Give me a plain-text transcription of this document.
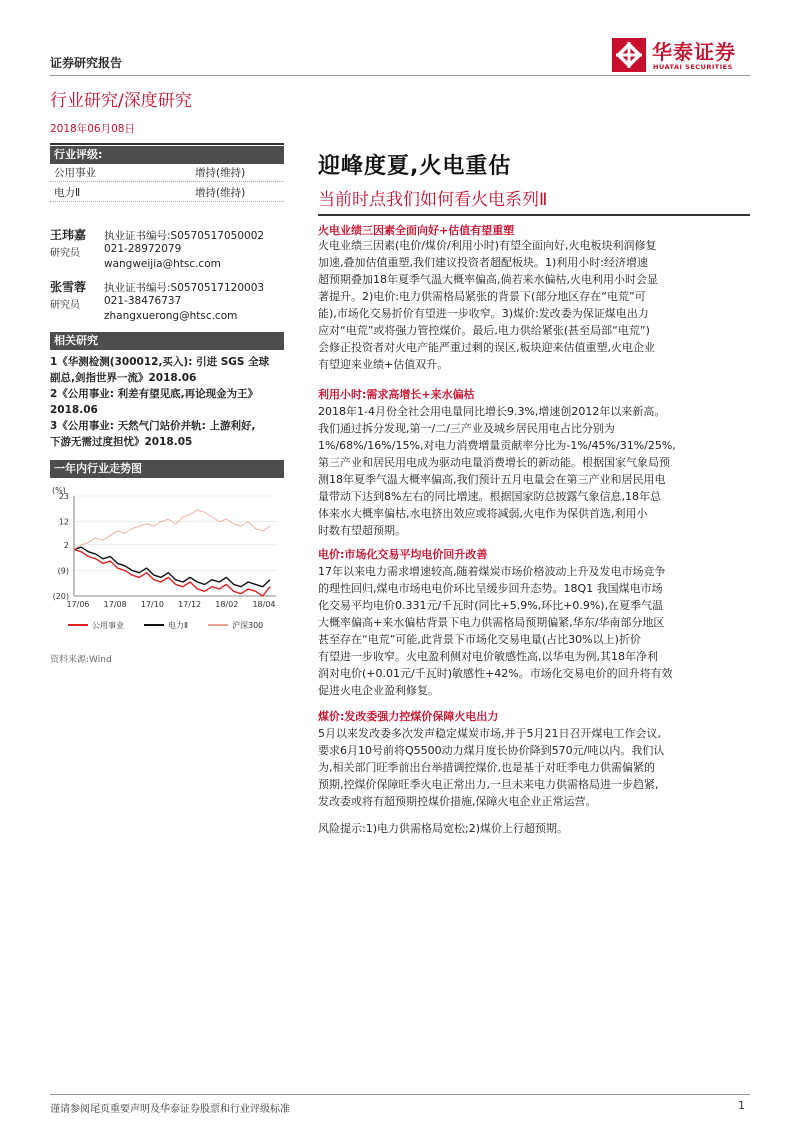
证券研究报告	华泰证券
HUATAI SECURITIES
行业研究/深度研究
2018年06月08日
行业评级:
公用事业	增持(维持)
电力Ⅱ	增持(维持)
王玮嘉
研究员
执业证书编号:S0570517050002
021-28972079
wangweijia@htsc.com
张雪蓉
研究员
执业证书编号:S0570517120003
021-38476737
zhangxuerong@htsc.com
相关研究
1《华测检测(300012,买入): 引进 SGS 全球
副总,剑指世界一流》2018.06
2《公用事业: 利差有望见底,再论现金为王》
2018.06
3《公用事业: 天然气门站价并轨: 上游利好,
下游无需过度担忧》2018.05
一年内行业走势图
(%)
23
12
2
(9)
(20)
17/06 17/08 17/10 17/12 18/02 18/04
公用事业	电力Ⅱ	沪深300
资料来源:Wind
迎峰度夏,火电重估
当前时点我们如何看火电系列Ⅱ
火电业绩三因素全面向好+估值有望重塑
火电业绩三因素(电价/煤价/利用小时)有望全面向好,火电板块利润修复
加速,叠加估值重塑,我们建议投资者超配板块。1)利用小时:经济增速
超预期叠加18年夏季气温大概率偏高,倘若来水偏枯,火电利用小时会显
著提升。2)电价:电力供需格局紧张的背景下(部分地区存在“电荒”可
能),市场化交易折价有望进一步收窄。3)煤价:发改委为保证煤电出力
应对“电荒”或将强力管控煤价。最后,电力供给紧张(甚至局部“电荒”)
会修正投资者对火电产能严重过剩的误区,板块迎来估值重塑,火电企业
有望迎来业绩+估值双升。
利用小时:需求高增长+来水偏枯
2018年1-4月份全社会用电量同比增长9.3%,增速创2012年以来新高。
我们通过拆分发现,第一/二/三产业及城乡居民用电占比分别为
1%/68%/16%/15%,对电力消费增量贡献率分比为-1%/45%/31%/25%,
第三产业和居民用电成为驱动电量消费增长的新动能。根据国家气象局预
测18年夏季气温大概率偏高,我们预计五月电量会在第三产业和居民用电
量带动下达到8%左右的同比增速。根据国家防总披露气象信息,18年总
体来水大概率偏枯,水电挤出效应或将减弱,火电作为保供首选,利用小
时数有望超预期。
电价:市场化交易平均电价回升改善
17年以来电力需求增速较高,随着煤炭市场价格波动上升及发电市场竞争
的理性回归,煤电市场电电价环比呈缓步回升态势。18Q1 我国煤电市场
化交易平均电价0.331元/千瓦时(同比+5.9%,环比+0.9%),在夏季气温
大概率偏高+来水偏枯背景下电力供需格局预期偏紧,华东/华南部分地区
甚至存在“电荒”可能,此背景下市场化交易电量(占比30%以上)折价
有望进一步收窄。火电盈利侧对电价敏感性高,以华电为例,其18年净利
润对电价(+0.01元/千瓦时)敏感性+42%。市场化交易电价的回升将有效
促进火电企业盈利修复。
煤价:发改委强力控煤价保障火电出力
5月以来发改委多次发声稳定煤炭市场,并于5月21日召开煤电工作会议,
要求6月10号前将Q5500动力煤月度长协价降到570元/吨以内。我们认
为,相关部门旺季前出台举措调控煤价,也是基于对旺季电力供需偏紧的
预期,控煤价保障旺季火电正常出力,一旦未来电力供需格局进一步趋紧,
发改委或将有超预期控煤价措施,保障火电企业正常运营。
风险提示:1)电力供需格局宽松;2)煤价上行超预期。
谨请参阅尾页重要声明及华泰证券股票和行业评级标准	1
